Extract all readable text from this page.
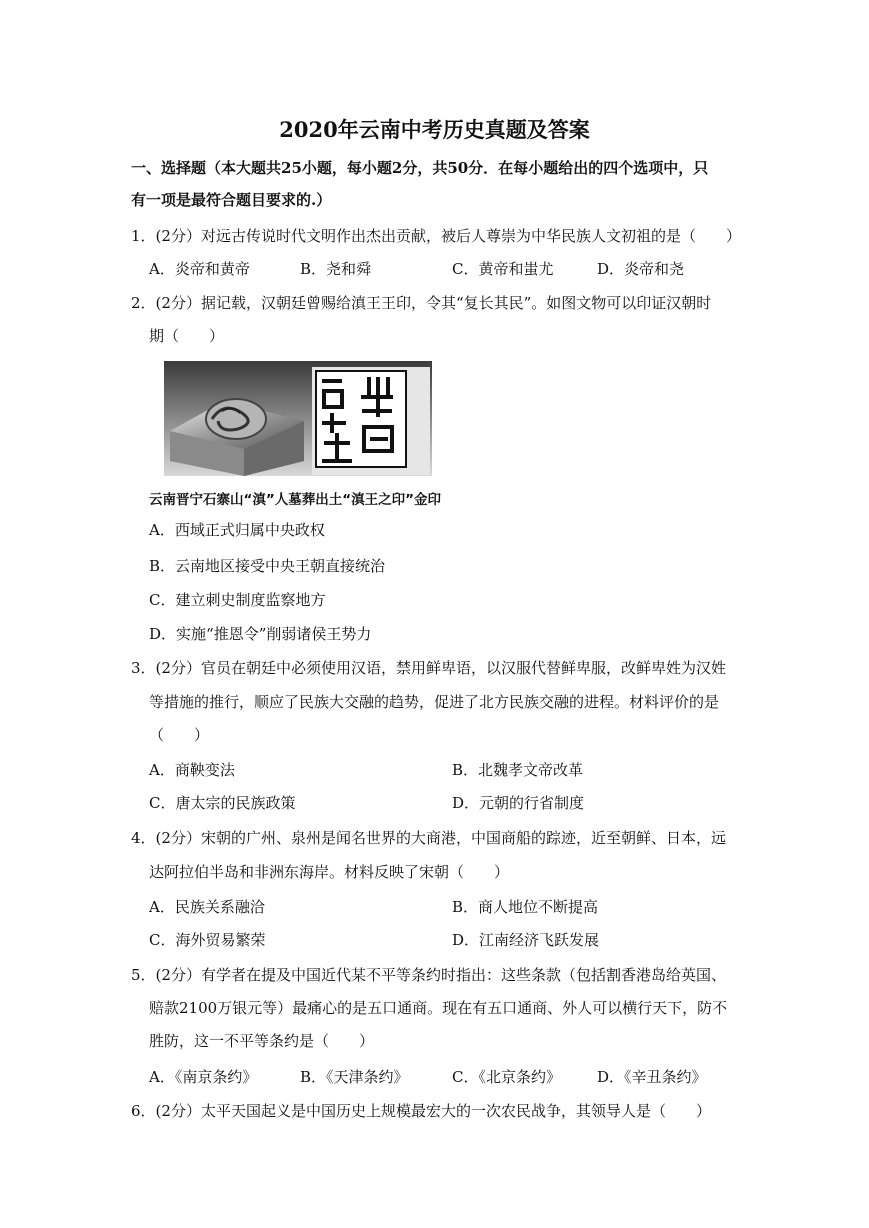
2020年云南中考历史真题及答案
一、选择题（本大题共25小题，每小题2分，共50分．在每小题给出的四个选项中，只
有一项是最符合题目要求的.）
1．(2分）对远古传说时代文明作出杰出贡献，被后人尊崇为中华民族人文初祖的是（　　）
A．炎帝和黄帝	B．尧和舜	C．黄帝和蚩尤	D．炎帝和尧
2．(2分）据记载，汉朝廷曾赐给滇王王印，令其“复长其民”。如图文物可以印证汉朝时
期（　　）
云南晋宁石寨山“滇”人墓葬出土“滇王之印”金印
A．西域正式归属中央政权
B．云南地区接受中央王朝直接统治
C．建立刺史制度监察地方
D．实施“推恩令”削弱诸侯王势力
3．(2分）官员在朝廷中必须使用汉语，禁用鲜卑语，以汉服代替鲜卑服，改鲜卑姓为汉姓
等措施的推行，顺应了民族大交融的趋势，促进了北方民族交融的进程。材料评价的是
（　　）
A．商鞅变法	B．北魏孝文帝改革
C．唐太宗的民族政策	D．元朝的行省制度
4．(2分）宋朝的广州、泉州是闻名世界的大商港，中国商船的踪迹，近至朝鲜、日本，远
达阿拉伯半岛和非洲东海岸。材料反映了宋朝（　　）
A．民族关系融洽	B．商人地位不断提高
C．海外贸易繁荣	D．江南经济飞跃发展
5．(2分）有学者在提及中国近代某不平等条约时指出：这些条款（包括割香港岛给英国、
赔款2100万银元等）最痛心的是五口通商。现在有五口通商、外人可以横行天下，防不
胜防，这一不平等条约是（　　）
A．《南京条约》	B．《天津条约》	C．《北京条约》 D．《辛丑条约》
6．(2分）太平天国起义是中国历史上规模最宏大的一次农民战争，其领导人是（　　）
